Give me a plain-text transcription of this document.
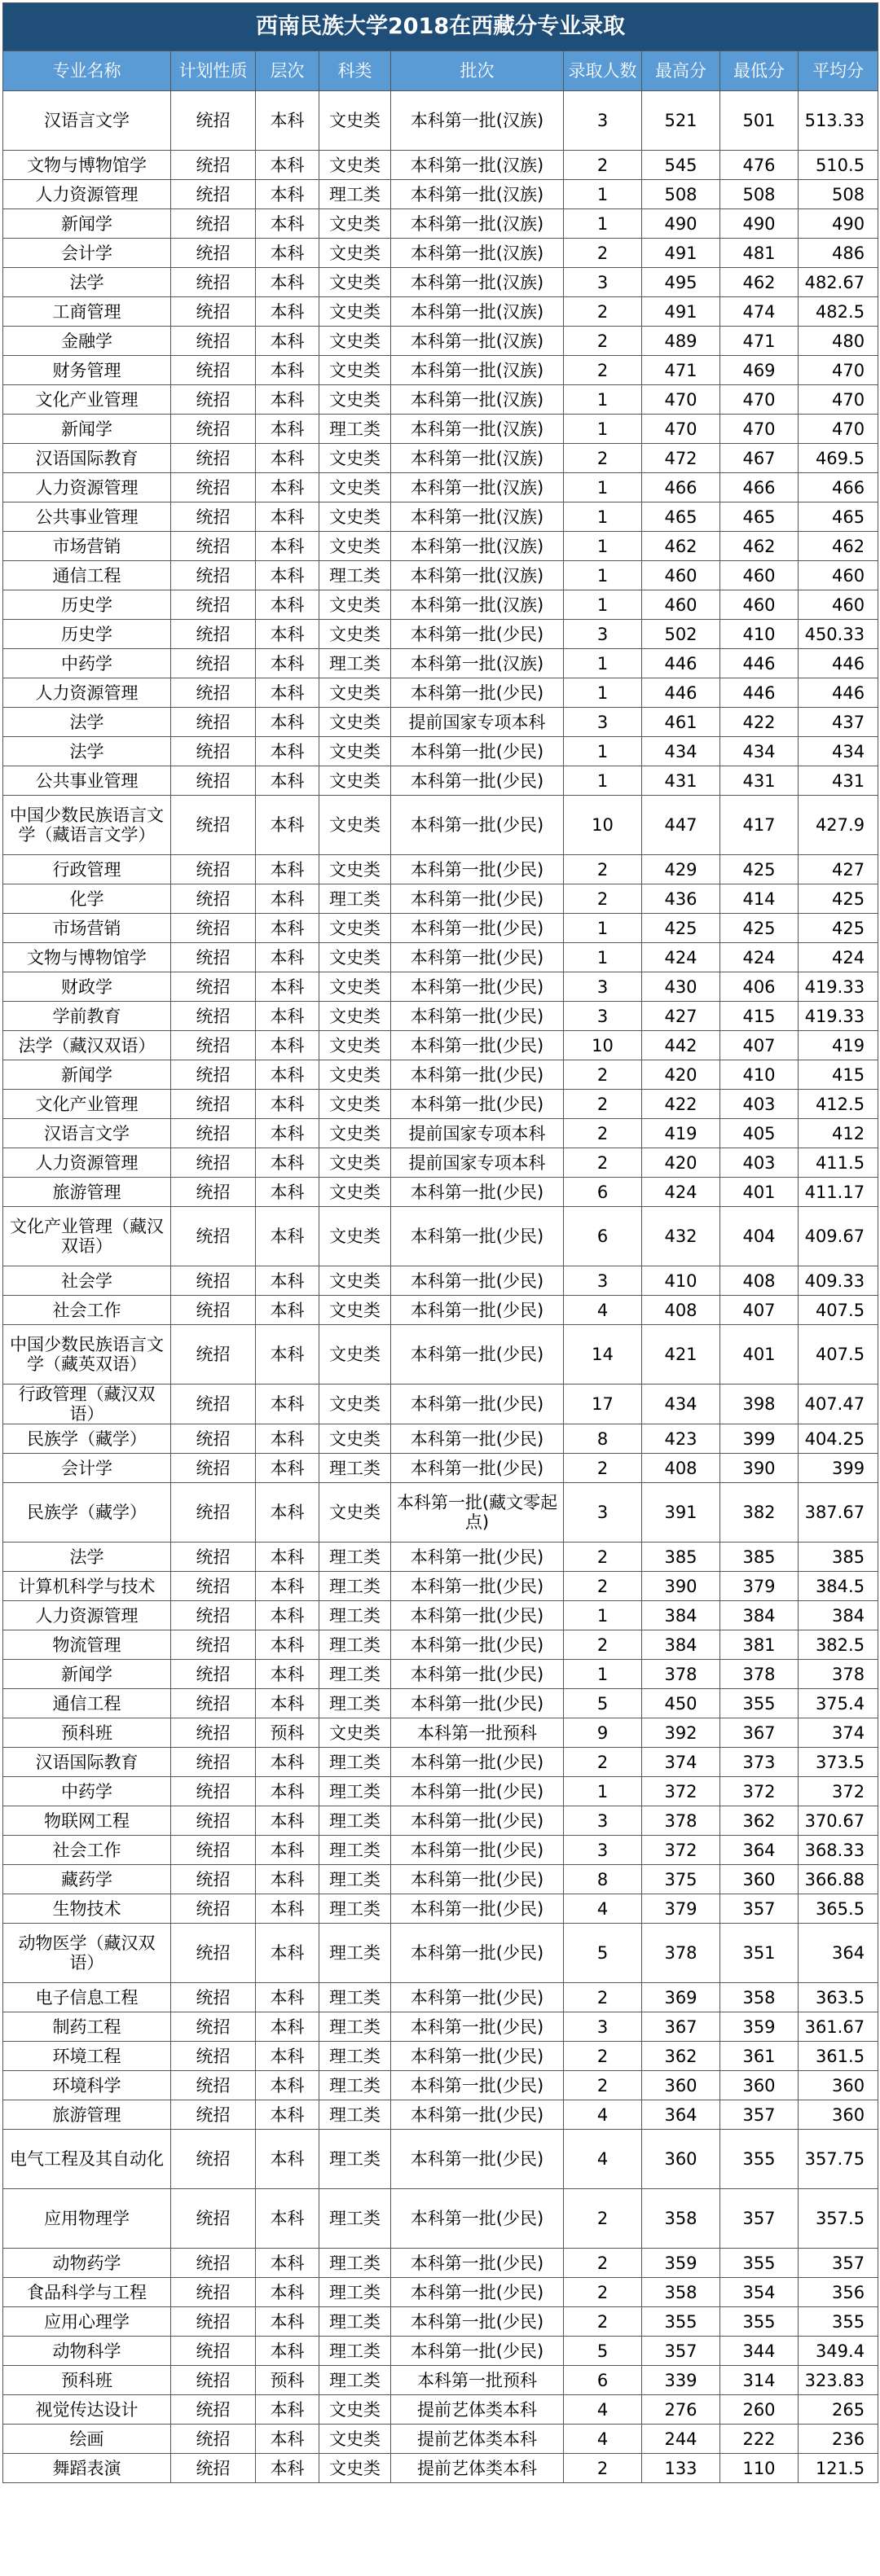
西南民族大学2018在西藏分专业录取								
专业名称	计划性质	层次	科类	批次	录取人数	最高分	最低分	平均分
汉语言文学	统招	本科	文史类	本科第一批(汉族)	3	521	501	513.33
文物与博物馆学	统招	本科	文史类	本科第一批(汉族)	2	545	476	510.5
人力资源管理	统招	本科	理工类	本科第一批(汉族)	1	508	508	508
新闻学	统招	本科	文史类	本科第一批(汉族)	1	490	490	490
会计学	统招	本科	文史类	本科第一批(汉族)	2	491	481	486
法学	统招	本科	文史类	本科第一批(汉族)	3	495	462	482.67
工商管理	统招	本科	文史类	本科第一批(汉族)	2	491	474	482.5
金融学	统招	本科	文史类	本科第一批(汉族)	2	489	471	480
财务管理	统招	本科	文史类	本科第一批(汉族)	2	471	469	470
文化产业管理	统招	本科	文史类	本科第一批(汉族)	1	470	470	470
新闻学	统招	本科	理工类	本科第一批(汉族)	1	470	470	470
汉语国际教育	统招	本科	文史类	本科第一批(汉族)	2	472	467	469.5
人力资源管理	统招	本科	文史类	本科第一批(汉族)	1	466	466	466
公共事业管理	统招	本科	文史类	本科第一批(汉族)	1	465	465	465
市场营销	统招	本科	文史类	本科第一批(汉族)	1	462	462	462
通信工程	统招	本科	理工类	本科第一批(汉族)	1	460	460	460
历史学	统招	本科	文史类	本科第一批(汉族)	1	460	460	460
历史学	统招	本科	文史类	本科第一批(少民)	3	502	410	450.33
中药学	统招	本科	理工类	本科第一批(汉族)	1	446	446	446
人力资源管理	统招	本科	文史类	本科第一批(少民)	1	446	446	446
法学	统招	本科	文史类	提前国家专项本科	3	461	422	437
法学	统招	本科	文史类	本科第一批(少民)	1	434	434	434
公共事业管理	统招	本科	文史类	本科第一批(少民)	1	431	431	431
中国少数民族语言文学（藏语言文学）	统招	本科	文史类	本科第一批(少民)	10	447	417	427.9
行政管理	统招	本科	文史类	本科第一批(少民)	2	429	425	427
化学	统招	本科	理工类	本科第一批(少民)	2	436	414	425
市场营销	统招	本科	文史类	本科第一批(少民)	1	425	425	425
文物与博物馆学	统招	本科	文史类	本科第一批(少民)	1	424	424	424
财政学	统招	本科	文史类	本科第一批(少民)	3	430	406	419.33
学前教育	统招	本科	文史类	本科第一批(少民)	3	427	415	419.33
法学（藏汉双语）	统招	本科	文史类	本科第一批(少民)	10	442	407	419
新闻学	统招	本科	文史类	本科第一批(少民)	2	420	410	415
文化产业管理	统招	本科	文史类	本科第一批(少民)	2	422	403	412.5
汉语言文学	统招	本科	文史类	提前国家专项本科	2	419	405	412
人力资源管理	统招	本科	文史类	提前国家专项本科	2	420	403	411.5
旅游管理	统招	本科	文史类	本科第一批(少民)	6	424	401	411.17
文化产业管理（藏汉双语）	统招	本科	文史类	本科第一批(少民)	6	432	404	409.67
社会学	统招	本科	文史类	本科第一批(少民)	3	410	408	409.33
社会工作	统招	本科	文史类	本科第一批(少民)	4	408	407	407.5
中国少数民族语言文学（藏英双语）	统招	本科	文史类	本科第一批(少民)	14	421	401	407.5
行政管理（藏汉双语）	统招	本科	文史类	本科第一批(少民)	17	434	398	407.47
民族学（藏学）	统招	本科	文史类	本科第一批(少民)	8	423	399	404.25
会计学	统招	本科	理工类	本科第一批(少民)	2	408	390	399
民族学（藏学）	统招	本科	文史类	本科第一批(藏文零起点)	3	391	382	387.67
法学	统招	本科	理工类	本科第一批(少民)	2	385	385	385
计算机科学与技术	统招	本科	理工类	本科第一批(少民)	2	390	379	384.5
人力资源管理	统招	本科	理工类	本科第一批(少民)	1	384	384	384
物流管理	统招	本科	理工类	本科第一批(少民)	2	384	381	382.5
新闻学	统招	本科	理工类	本科第一批(少民)	1	378	378	378
通信工程	统招	本科	理工类	本科第一批(少民)	5	450	355	375.4
预科班	统招	预科	文史类	本科第一批预科	9	392	367	374
汉语国际教育	统招	本科	理工类	本科第一批(少民)	2	374	373	373.5
中药学	统招	本科	理工类	本科第一批(少民)	1	372	372	372
物联网工程	统招	本科	理工类	本科第一批(少民)	3	378	362	370.67
社会工作	统招	本科	理工类	本科第一批(少民)	3	372	364	368.33
藏药学	统招	本科	理工类	本科第一批(少民)	8	375	360	366.88
生物技术	统招	本科	理工类	本科第一批(少民)	4	379	357	365.5
动物医学（藏汉双语）	统招	本科	理工类	本科第一批(少民)	5	378	351	364
电子信息工程	统招	本科	理工类	本科第一批(少民)	2	369	358	363.5
制药工程	统招	本科	理工类	本科第一批(少民)	3	367	359	361.67
环境工程	统招	本科	理工类	本科第一批(少民)	2	362	361	361.5
环境科学	统招	本科	理工类	本科第一批(少民)	2	360	360	360
旅游管理	统招	本科	理工类	本科第一批(少民)	4	364	357	360
电气工程及其自动化	统招	本科	理工类	本科第一批(少民)	4	360	355	357.75
应用物理学	统招	本科	理工类	本科第一批(少民)	2	358	357	357.5
动物药学	统招	本科	理工类	本科第一批(少民)	2	359	355	357
食品科学与工程	统招	本科	理工类	本科第一批(少民)	2	358	354	356
应用心理学	统招	本科	理工类	本科第一批(少民)	2	355	355	355
动物科学	统招	本科	理工类	本科第一批(少民)	5	357	344	349.4
预科班	统招	预科	理工类	本科第一批预科	6	339	314	323.83
视觉传达设计	统招	本科	文史类	提前艺体类本科	4	276	260	265
绘画	统招	本科	文史类	提前艺体类本科	4	244	222	236
舞蹈表演	统招	本科	文史类	提前艺体类本科	2	133	110	121.5
